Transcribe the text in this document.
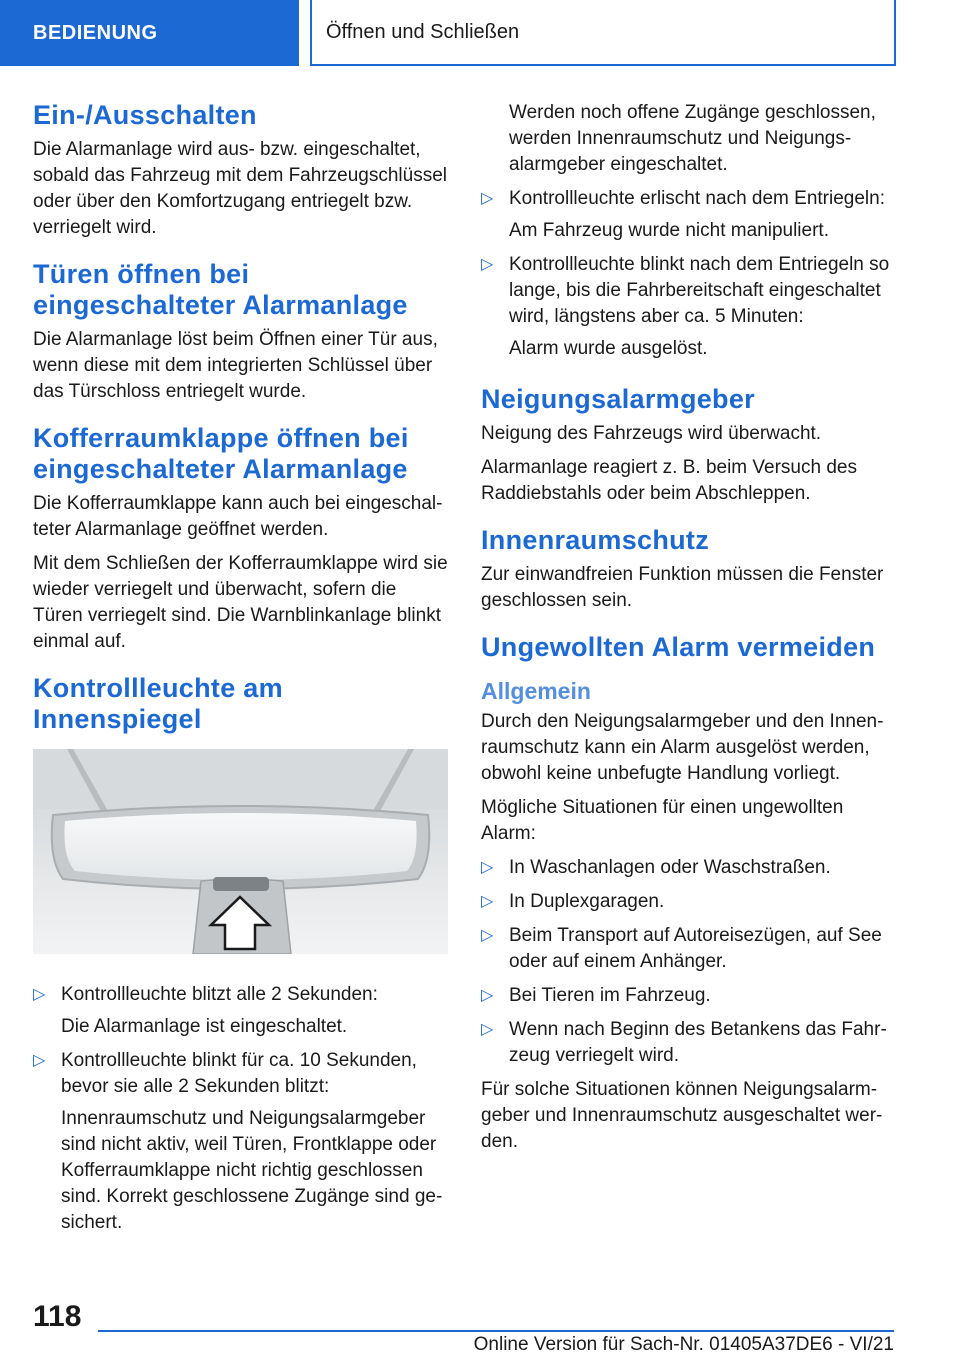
BEDIENUNG	Öffnen und Schließen
Ein-/Ausschalten

Die Alarmanlage wird aus- bzw. eingeschaltet, sobald das Fahrzeug mit dem Fahrzeugschlüssel oder über den Komfortzugang entriegelt bzw. verriegelt wird.

Türen öffnen bei eingeschalteter Alarmanlage

Die Alarmanlage löst beim Öffnen einer Tür aus, wenn diese mit dem integrierten Schlüssel über das Türschloss entriegelt wurde.

Kofferraumklappe öffnen bei eingeschalteter Alarmanlage

Die Kofferraumklappe kann auch bei eingeschalteter Alarmanlage geöffnet werden.

Mit dem Schließen der Kofferraumklappe wird sie wieder verriegelt und überwacht, sofern die Türen verriegelt sind. Die Warnblinkanlage blinkt einmal auf.

Kontrollleuchte am Innenspiegel
▷ Kontrollleuchte blitzt alle 2 Sekunden:
Die Alarmanlage ist eingeschaltet.
▷ Kontrollleuchte blinkt für ca. 10 Sekunden, bevor sie alle 2 Sekunden blitzt:
Innenraumschutz und Neigungsalarmgeber sind nicht aktiv, weil Türen, Frontklappe oder Kofferraumklappe nicht richtig geschlossen sind. Korrekt geschlossene Zugänge sind gesichert.

Werden noch offene Zugänge geschlossen, werden Innenraumschutz und Neigungsalarmgeber eingeschaltet.

▷ Kontrollleuchte erlischt nach dem Entriegeln:
Am Fahrzeug wurde nicht manipuliert.
▷ Kontrollleuchte blinkt nach dem Entriegeln so lange, bis die Fahrbereitschaft eingeschaltet wird, längstens aber ca. 5 Minuten:
Alarm wurde ausgelöst.
Neigungsalarmgeber

Neigung des Fahrzeugs wird überwacht.

Alarmanlage reagiert z. B. beim Versuch des Raddiebstahls oder beim Abschleppen.

Innenraumschutz

Zur einwandfreien Funktion müssen die Fenster geschlossen sein.

Ungewollten Alarm vermeiden
Allgemein

Durch den Neigungsalarmgeber und den Innenraumschutz kann ein Alarm ausgelöst werden, obwohl keine unbefugte Handlung vorliegt.

Mögliche Situationen für einen ungewollten Alarm:

▷ In Waschanlagen oder Waschstraßen.
▷ In Duplexgaragen.
▷ Beim Transport auf Autoreisezügen, auf See oder auf einem Anhänger.
▷ Bei Tieren im Fahrzeug.
▷ Wenn nach Beginn des Betankens das Fahrzeug verriegelt wird.

Für solche Situationen können Neigungsalarmgeber und Innenraumschutz ausgeschaltet werden.

118
Online Version für Sach-Nr. 01405A37DE6 - VI/21
